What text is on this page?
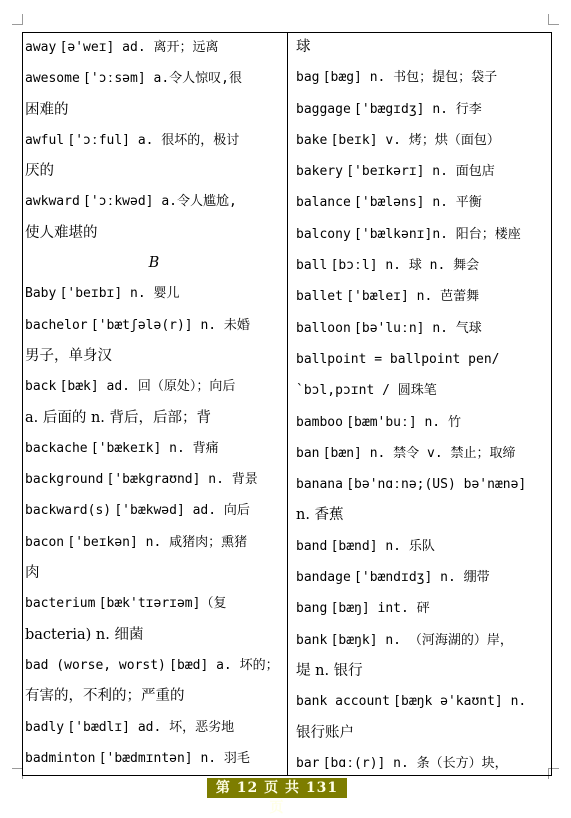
away [ə'weɪ] ad. 离开；远离

awesome ['ɔːsəm] a.令人惊叹,很

困难的

awful ['ɔːful] a. 很坏的，极讨

厌的

awkward ['ɔːkwəd] a.令人尴尬,

使人难堪的

B

Baby ['beɪbɪ] n. 婴儿

bachelor ['bætʃələ(r)] n. 未婚

男子，单身汉

back [bæk] ad. 回（原处）；向后

a. 后面的 n. 背后，后部；背

backache ['bækeɪk] n. 背痛

background ['bækgraʊnd] n. 背景

backward(s) ['bækwəd] ad. 向后

bacon ['beɪkən] n. 咸猪肉；熏猪

肉

bacterium [bæk'tɪərɪəm]（复

bacteria) n. 细菌

bad (worse, worst) [bæd] a. 坏的；

有害的，不利的；严重的

badly ['bædlɪ] ad. 坏，恶劣地

badminton ['bædmɪntən] n. 羽毛

球

bag [bæg] n. 书包；提包；袋子

baggage ['bægɪdʒ] n. 行李

bake [beɪk] v. 烤；烘（面包）

bakery ['beɪkərɪ] n. 面包店

balance ['bæləns] n. 平衡

balcony ['bælkənɪ]n. 阳台；楼座

ball [bɔːl] n. 球 n. 舞会

ballet ['bæleɪ] n. 芭蕾舞

balloon [bə'luːn] n. 气球

ballpoint = ballpoint pen/

`bɔl,pɔɪnt / 圆珠笔

bamboo [bæm'buː] n. 竹

ban [bæn] n. 禁令 v. 禁止；取缔

banana [bə'nɑːnə;(US) bə'nænə]

n. 香蕉

band [bænd] n. 乐队

bandage ['bændɪdʒ] n. 绷带

bang [bæŋ] int. 砰

bank [bæŋk] n. （河海湖的）岸，

堤 n. 银行

bank account [bæŋk ə'kaʊnt] n.

银行账户

bar [bɑː(r)] n. 条（长方）块，

第 12 页 共 131 页
